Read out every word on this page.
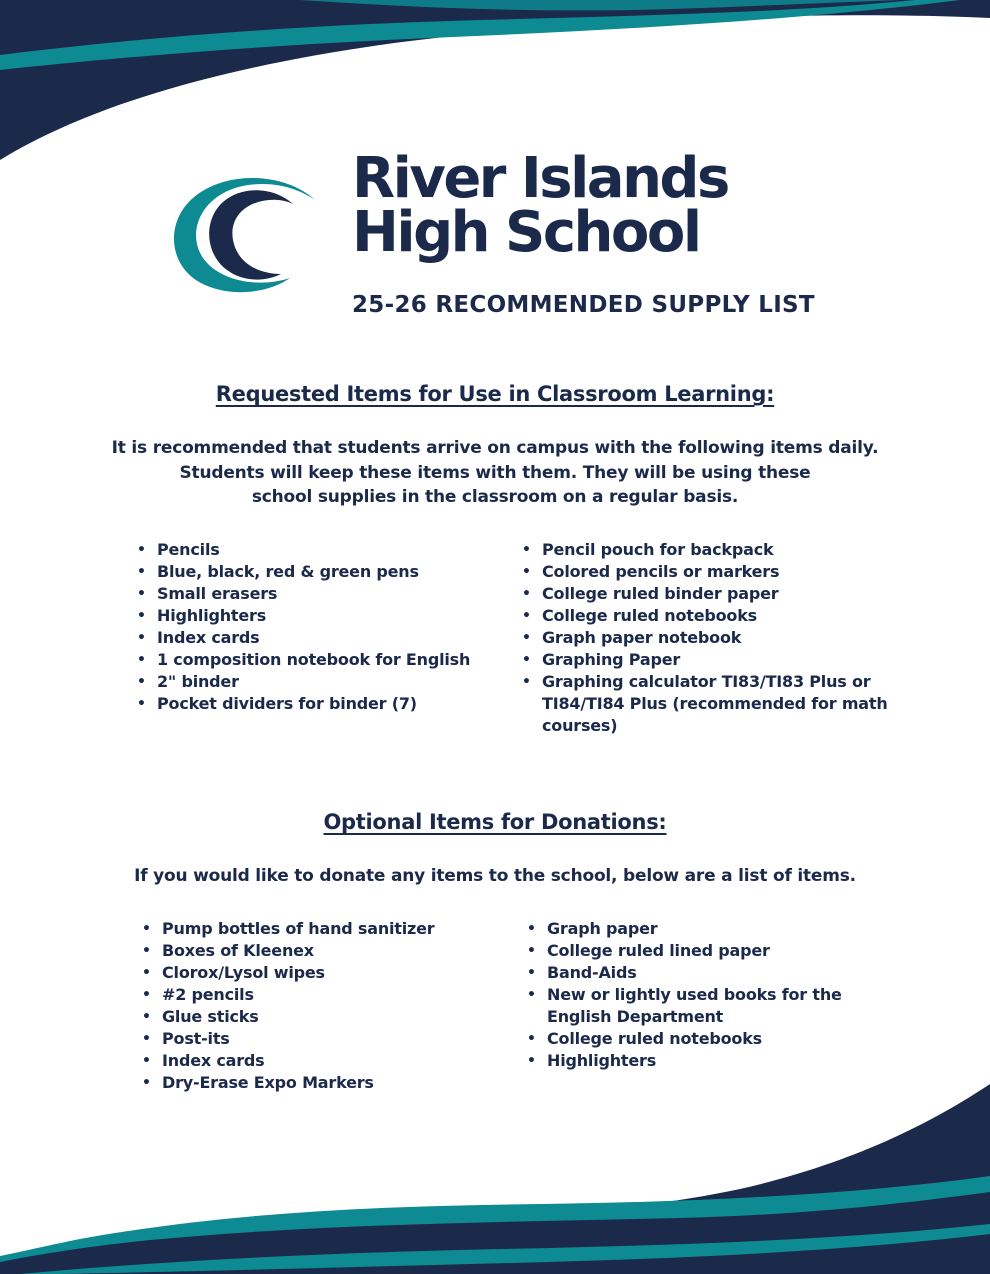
River Islands
High School
25-26 RECOMMENDED SUPPLY LIST
Requested Items for Use in Classroom Learning:
It is recommended that students arrive on campus with the following items daily.
Students will keep these items with them. They will be using these
school supplies in the classroom on a regular basis.
• Pencils
• Blue, black, red & green pens
• Small erasers
• Highlighters
• Index cards
• 1 composition notebook for English
• 2" binder
• Pocket dividers for binder (7)
• Pencil pouch for backpack
• Colored pencils or markers
• College ruled binder paper
• College ruled notebooks
• Graph paper notebook
• Graphing Paper
• Graphing calculator TI83/TI83 Plus or TI84/TI84 Plus (recommended for math courses)
Optional Items for Donations:
If you would like to donate any items to the school, below are a list of items.
• Pump bottles of hand sanitizer
• Boxes of Kleenex
• Clorox/Lysol wipes
• #2 pencils
• Glue sticks
• Post-its
• Index cards
• Dry-Erase Expo Markers
• Graph paper
• College ruled lined paper
• Band-Aids
• New or lightly used books for the English Department
• College ruled notebooks
• Highlighters
